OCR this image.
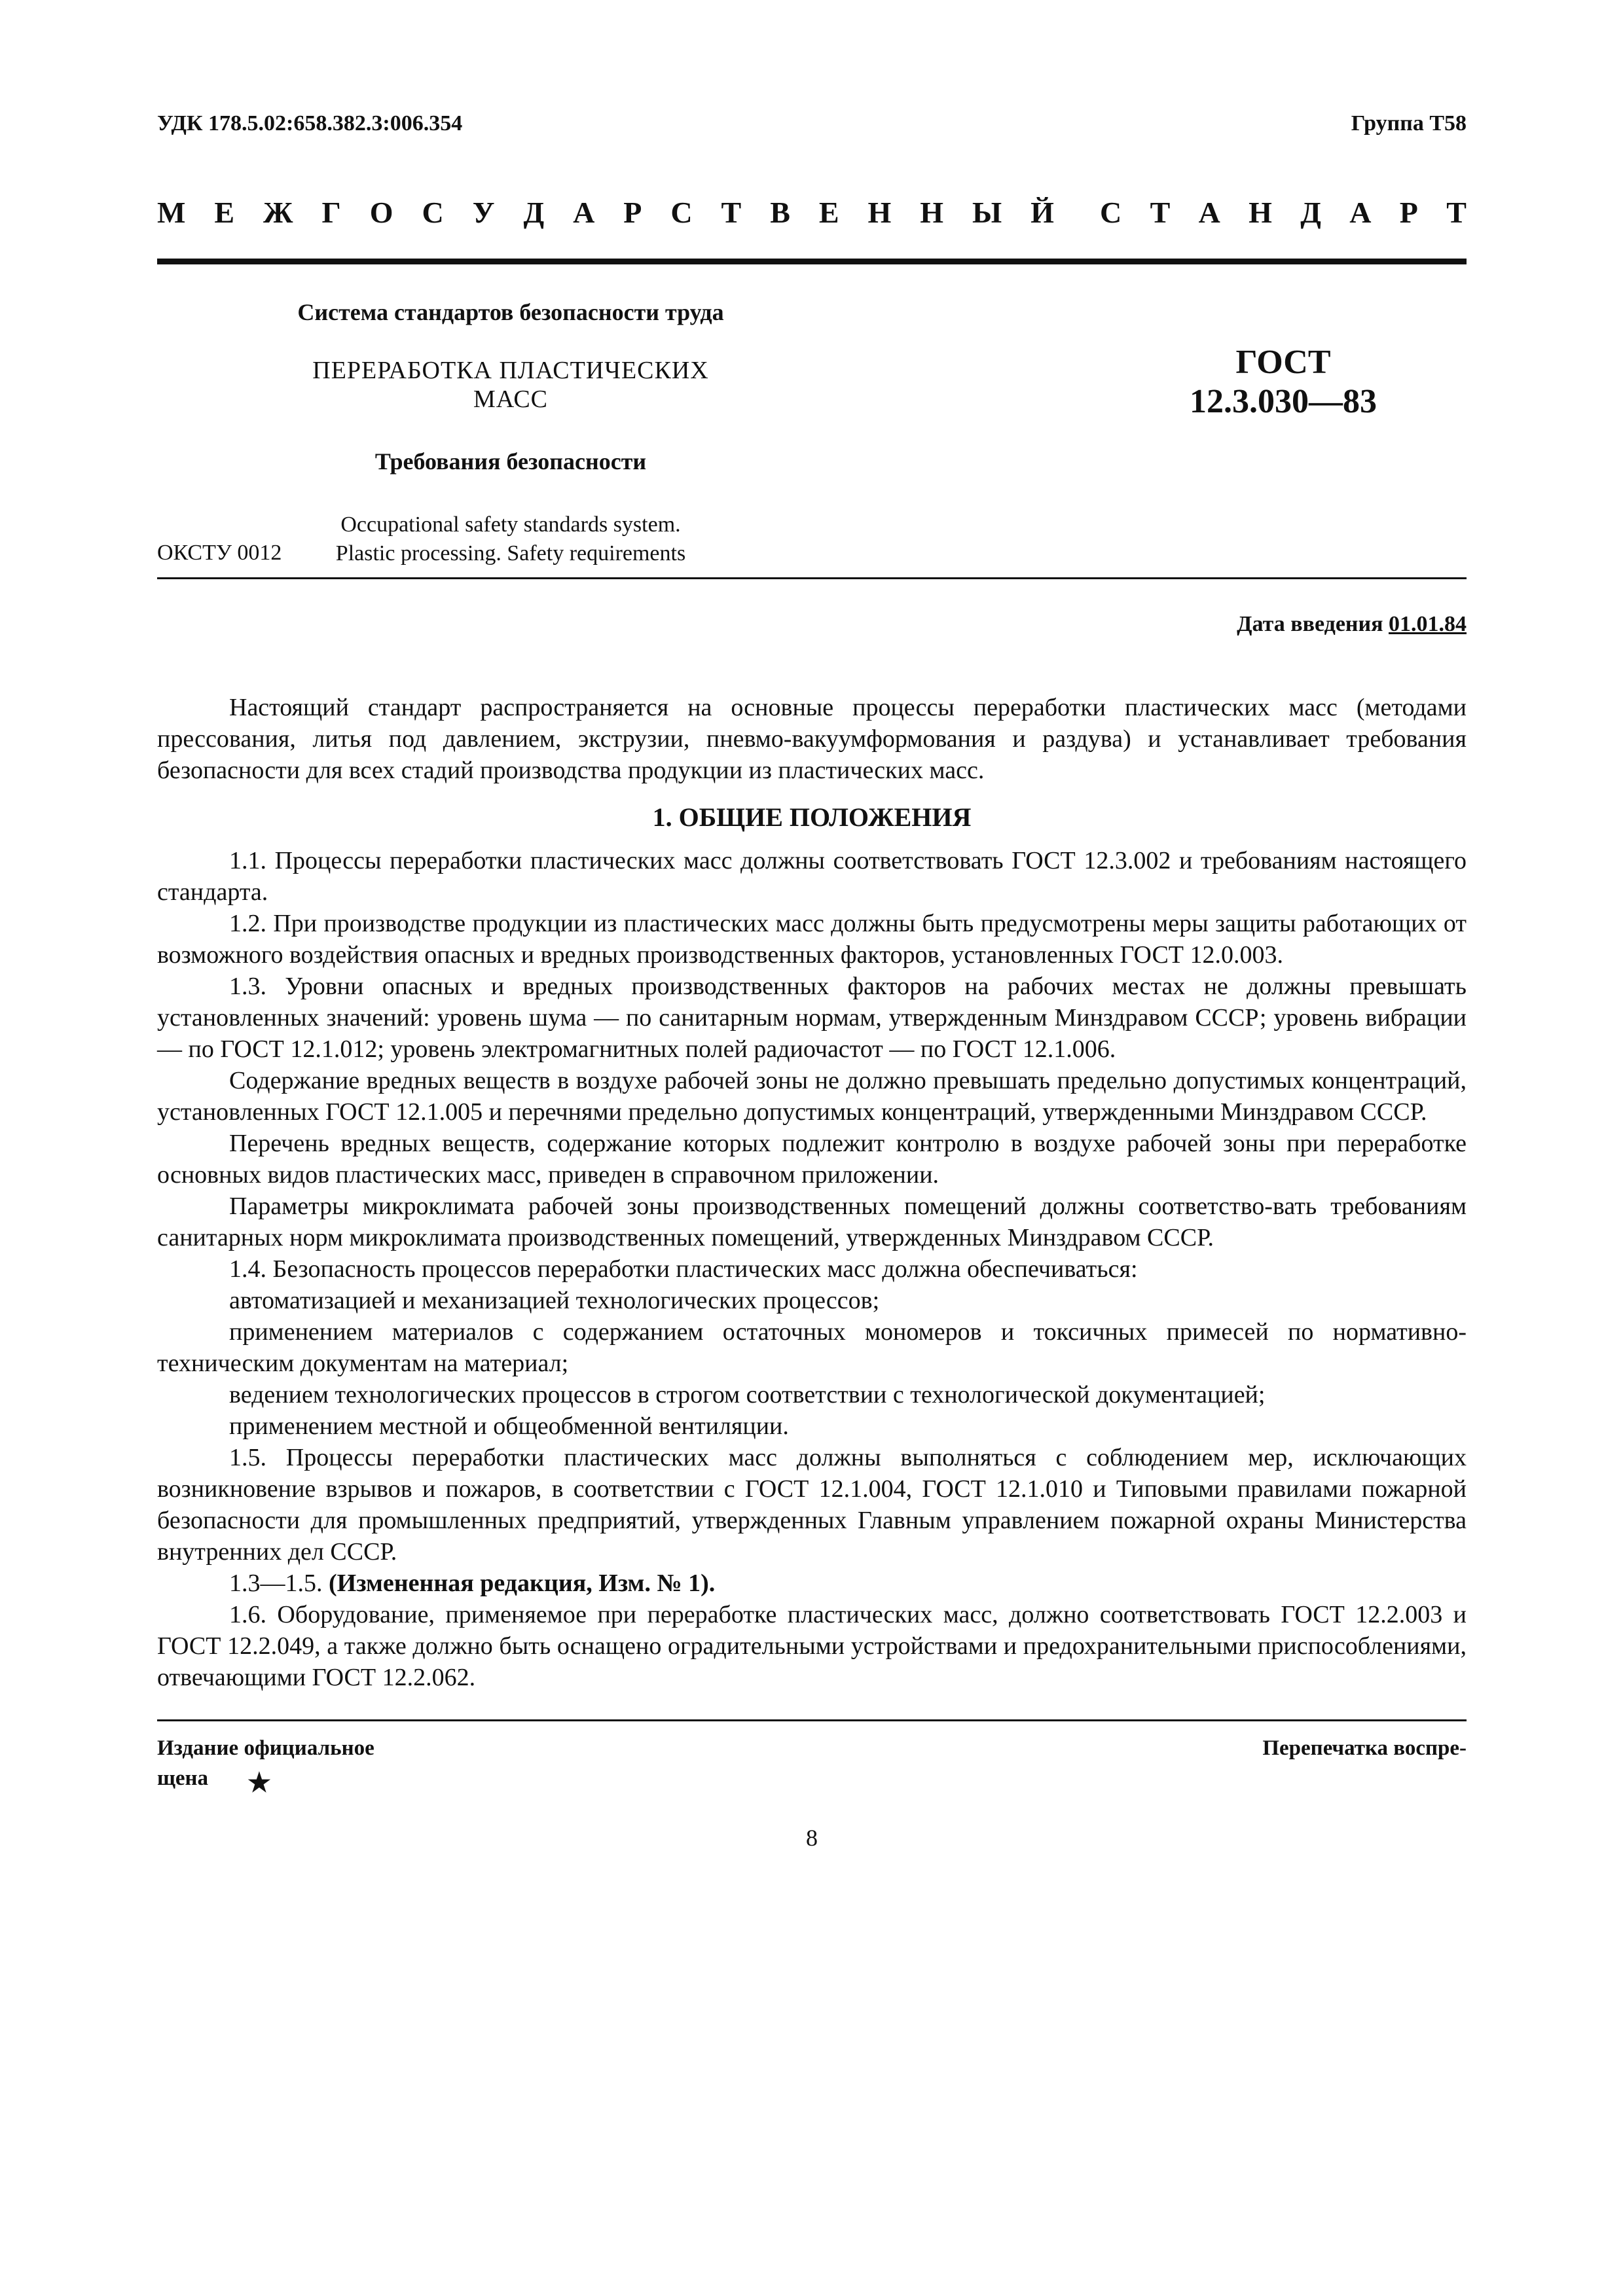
УДК 178.5.02:658.382.3:006.354	Группа Т58
М Е Ж Г О С У Д А Р С Т В Е Н Н Ы Й С Т А Н Д А Р Т
Система стандартов безопасности труда
ПЕРЕРАБОТКА ПЛАСТИЧЕСКИХ МАСС
Требования безопасности
Occupational safety standards system.
Plastic processing. Safety requirements
ГОСТ
12.3.030—83
ОКСТУ 0012
Дата введения 01.01.84

Настоящий стандарт распространяется на основные процессы переработки пластических масс (методами прессования, литья под давлением, экструзии, пневмо-вакуумформования и раздува) и устанавливает требования безопасности для всех стадий производства продукции из пластических масс.

1. ОБЩИЕ ПОЛОЖЕНИЯ

1.1. Процессы переработки пластических масс должны соответствовать ГОСТ 12.3.002 и требованиям настоящего стандарта.

1.2. При производстве продукции из пластических масс должны быть предусмотрены меры защиты работающих от возможного воздействия опасных и вредных производственных факторов, установленных ГОСТ 12.0.003.

1.3. Уровни опасных и вредных производственных факторов на рабочих местах не должны превышать установленных значений: уровень шума — по санитарным нормам, утвержденным Минздравом СССР; уровень вибрации — по ГОСТ 12.1.012; уровень электромагнитных полей радиочастот — по ГОСТ 12.1.006.

Содержание вредных веществ в воздухе рабочей зоны не должно превышать предельно допустимых концентраций, установленных ГОСТ 12.1.005 и перечнями предельно допустимых концентраций, утвержденными Минздравом СССР.

Перечень вредных веществ, содержание которых подлежит контролю в воздухе рабочей зоны при переработке основных видов пластических масс, приведен в справочном приложении.

Параметры микроклимата рабочей зоны производственных помещений должны соответство-вать требованиям санитарных норм микроклимата производственных помещений, утвержденных Минздравом СССР.

1.4. Безопасность процессов переработки пластических масс должна обеспечиваться:

автоматизацией и механизацией технологических процессов;

применением материалов с содержанием остаточных мономеров и токсичных примесей по нормативно-техническим документам на материал;

ведением технологических процессов в строгом соответствии с технологической документацией;

применением местной и общеобменной вентиляции.

1.5. Процессы переработки пластических масс должны выполняться с соблюдением мер, исключающих возникновение взрывов и пожаров, в соответствии с ГОСТ 12.1.004, ГОСТ 12.1.010 и Типовыми правилами пожарной безопасности для промышленных предприятий, утвержденных Главным управлением пожарной охраны Министерства внутренних дел СССР.

1.3—1.5. (Измененная редакция, Изм. № 1).

1.6. Оборудование, применяемое при переработке пластических масс, должно соответствовать ГОСТ 12.2.003 и ГОСТ 12.2.049, а также должно быть оснащено оградительными устройствами и предохранительными приспособлениями, отвечающими ГОСТ 12.2.062.

Издание официальное
щена ★
Перепечатка воспре-
8
